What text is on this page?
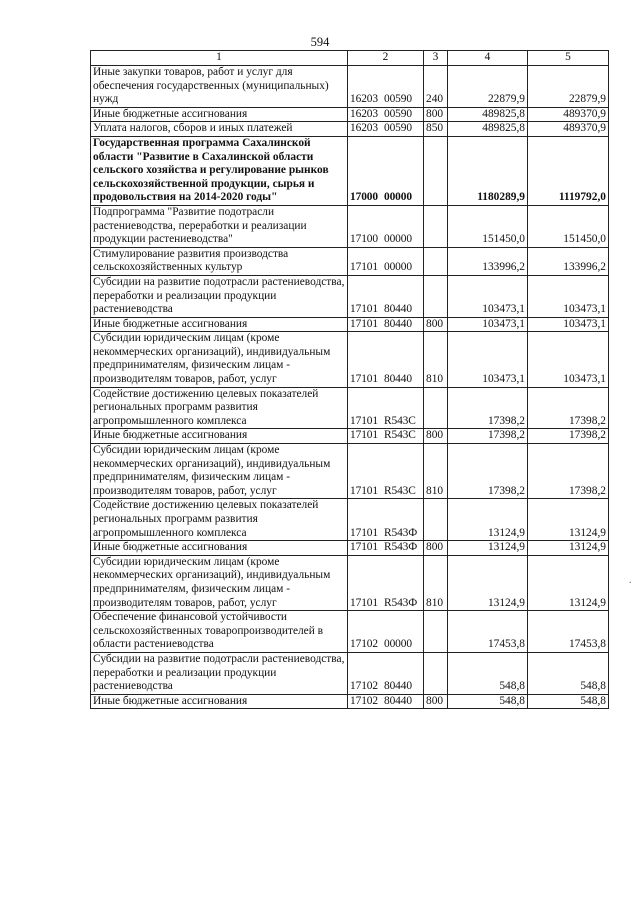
594
1	2	3	4	5
Иные закупки товаров, работ и услуг для обеспечения государственных (муниципальных) нужд	16203 00590	240	22879,9	22879,9
Иные бюджетные ассигнования	16203 00590	800	489825,8	489370,9
Уплата налогов, сборов и иных платежей	16203 00590	850	489825,8	489370,9
Государственная программа Сахалинской области "Развитие в Сахалинской области сельского хозяйства и регулирование рынков сельскохозяйственной продукции, сырья и продовольствия на 2014-2020 годы"	17000 00000		1180289,9	1119792,0
Подпрограмма "Развитие подотрасли растениеводства, переработки и реализации продукции растениеводства"	17100 00000		151450,0	151450,0
Стимулирование развития производства сельскохозяйственных культур	17101 00000		133996,2	133996,2
Субсидии на развитие подотрасли растениеводства, переработки и реализации продукции растениеводства	17101 80440		103473,1	103473,1
Иные бюджетные ассигнования	17101 80440	800	103473,1	103473,1
Субсидии юридическим лицам (кроме некоммерческих организаций), индивидуальным предпринимателям, физическим лицам - производителям товаров, работ, услуг	17101 80440	810	103473,1	103473,1
Содействие достижению целевых показателей региональных программ развития агропромышленного комплекса	17101 R543C		17398,2	17398,2
Иные бюджетные ассигнования	17101 R543C	800	17398,2	17398,2
Субсидии юридическим лицам (кроме некоммерческих организаций), индивидуальным предпринимателям, физическим лицам - производителям товаров, работ, услуг	17101 R543C	810	17398,2	17398,2
Содействие достижению целевых показателей региональных программ развития агропромышленного комплекса	17101 R543Ф		13124,9	13124,9
Иные бюджетные ассигнования	17101 R543Ф	800	13124,9	13124,9
Субсидии юридическим лицам (кроме некоммерческих организаций), индивидуальным предпринимателям, физическим лицам - производителям товаров, работ, услуг	17101 R543Ф	810	13124,9	13124,9
Обеспечение финансовой устойчивости сельскохозяйственных товаропроизводителей в области растениеводства	17102 00000		17453,8	17453,8
Субсидии на развитие подотрасли растениеводства, переработки и реализации продукции растениеводства	17102 80440		548,8	548,8
Иные бюджетные ассигнования	17102 80440	800	548,8	548,8
·
